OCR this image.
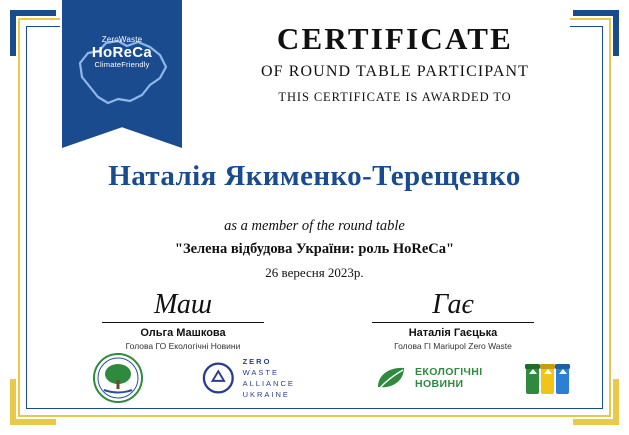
ZeroWaste
HoReCa
ClimateFriendly
CERTIFICATE
OF ROUND TABLE PARTICIPANT
THIS CERTIFICATE IS AWARDED TO
Наталія Якименко-Терещенко
as a member of the round table
"Зелена відбудова України: роль HoReCa"
26 вересня 2023р.
Маш
Ольга Машкова
Голова ГО Екологічні Новини
Гає
Наталія Гаєцька
Голова ГІ Mariupol Zero Waste
ZERO
WASTE
ALLIANCE UKRAINE
ЕКОЛОГІЧНІ
НОВИНИ
